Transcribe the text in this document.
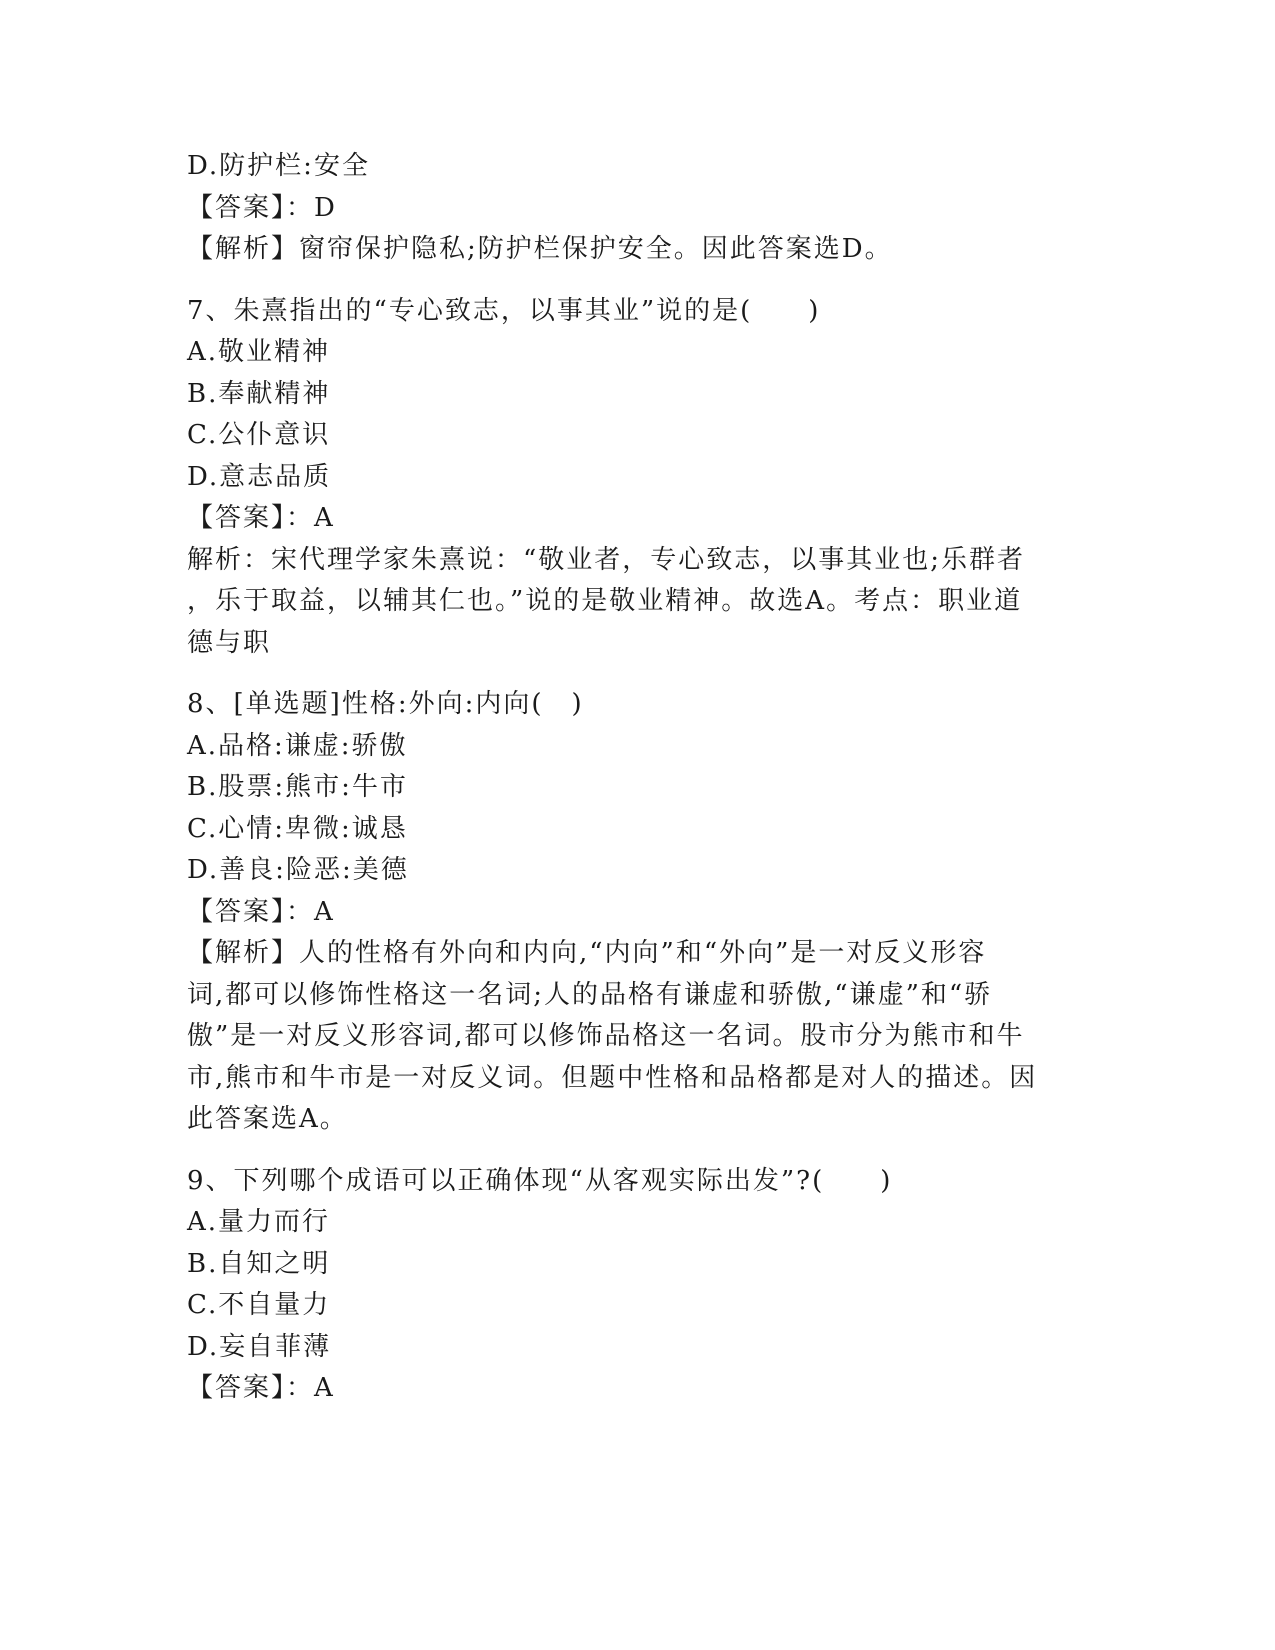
D.防护栏:安全

【答案】：D

【解析】窗帘保护隐私;防护栏保护安全。因此答案选D。

7、朱熹指出的“专心致志，以事其业”说的是(　　)

A.敬业精神

B.奉献精神

C.公仆意识

D.意志品质

【答案】：A

解析：宋代理学家朱熹说：“敬业者，专心致志，以事其业也;乐群者
，乐于取益，以辅其仁也。”说的是敬业精神。故选A。考点：职业道
德与职

8、[单选题]性格:外向:内向(　)

A.品格:谦虚:骄傲

B.股票:熊市:牛市

C.心情:卑微:诚恳

D.善良:险恶:美德

【答案】：A

【解析】人的性格有外向和内向,“内向”和“外向”是一对反义形容
词,都可以修饰性格这一名词;人的品格有谦虚和骄傲,“谦虚”和“骄
傲”是一对反义形容词,都可以修饰品格这一名词。股市分为熊市和牛
市,熊市和牛市是一对反义词。但题中性格和品格都是对人的描述。因
此答案选A。

9、下列哪个成语可以正确体现“从客观实际出发”?(　　)

A.量力而行

B.自知之明

C.不自量力

D.妄自菲薄

【答案】：A
